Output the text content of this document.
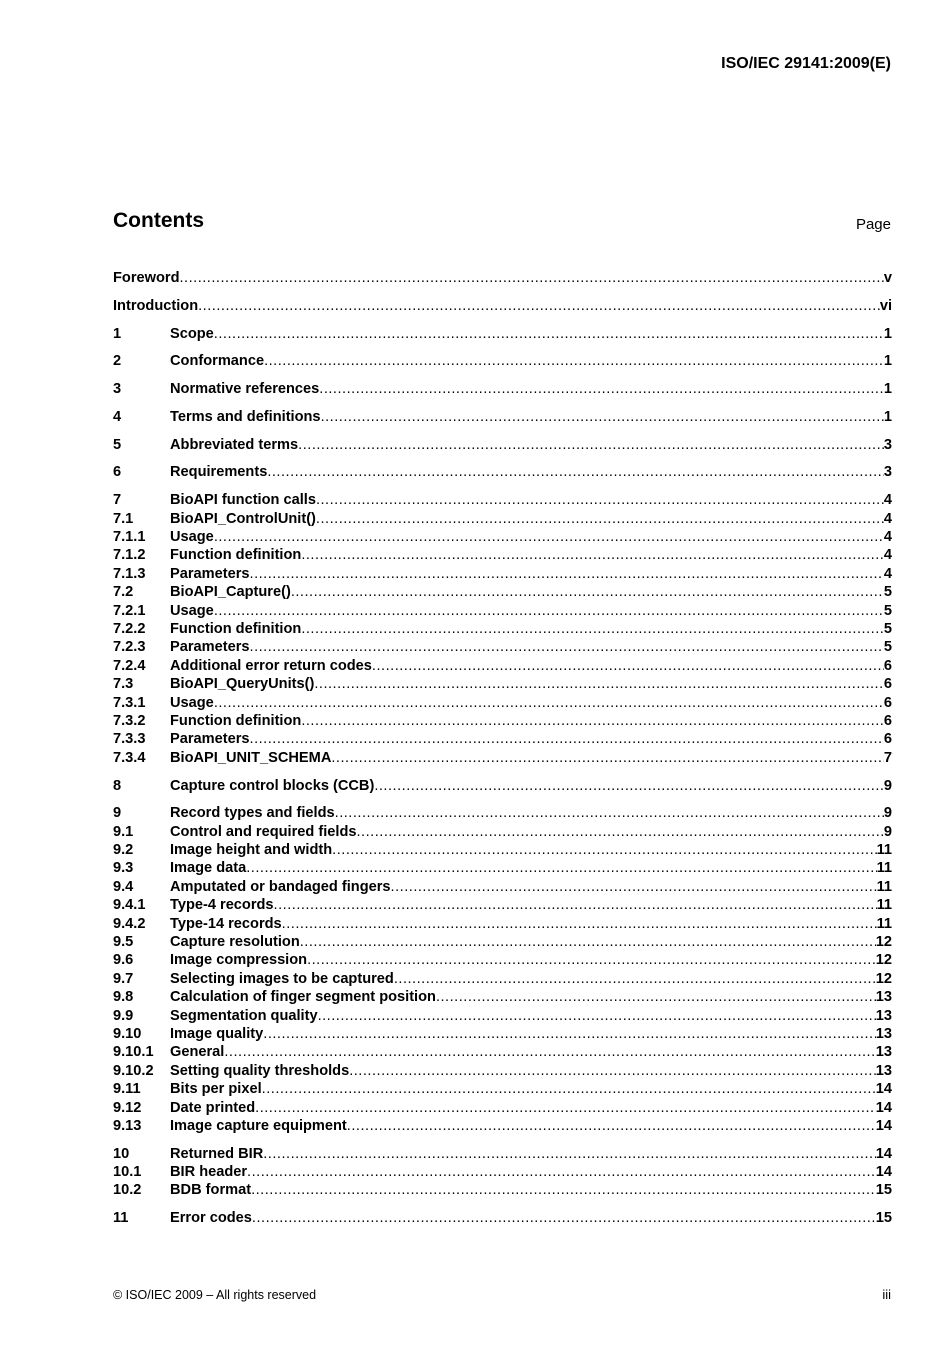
ISO/IEC 29141:2009(E)
Contents	Page
Foreword .....	v
Introduction .....	vi
1	Scope .....	1
2	Conformance .....	1
3	Normative references .....	1
4	Terms and definitions .....	1
5	Abbreviated terms .....	3
6	Requirements .....	3
7	BioAPI function calls .....	4
7.1	BioAPI_ControlUnit() .....	4
7.1.1	Usage .....	4
7.1.2	Function definition .....	4
7.1.3	Parameters .....	4
7.2	BioAPI_Capture() .....	5
7.2.1	Usage .....	5
7.2.2	Function definition .....	5
7.2.3	Parameters .....	5
7.2.4	Additional error return codes .....	6
7.3	BioAPI_QueryUnits() .....	6
7.3.1	Usage .....	6
7.3.2	Function definition .....	6
7.3.3	Parameters .....	6
7.3.4	BioAPI_UNIT_SCHEMA .....	7
8	Capture control blocks (CCB) .....	9
9	Record types and fields .....	9
9.1	Control and required fields .....	9
9.2	Image height and width .....	11
9.3	Image data .....	11
9.4	Amputated or bandaged fingers .....	11
9.4.1	Type-4 records .....	11
9.4.2	Type-14 records .....	11
9.5	Capture resolution .....	12
9.6	Image compression .....	12
9.7	Selecting images to be captured .....	12
9.8	Calculation of finger segment position .....	13
9.9	Segmentation quality .....	13
9.10	Image quality .....	13
9.10.1	General .....	13
9.10.2	Setting quality thresholds .....	13
9.11	Bits per pixel .....	14
9.12	Date printed .....	14
9.13	Image capture equipment .....	14
10	Returned BIR .....	14
10.1	BIR header .....	14
10.2	BDB format .....	15
11	Error codes .....	15
© ISO/IEC 2009 – All rights reserved	iii
